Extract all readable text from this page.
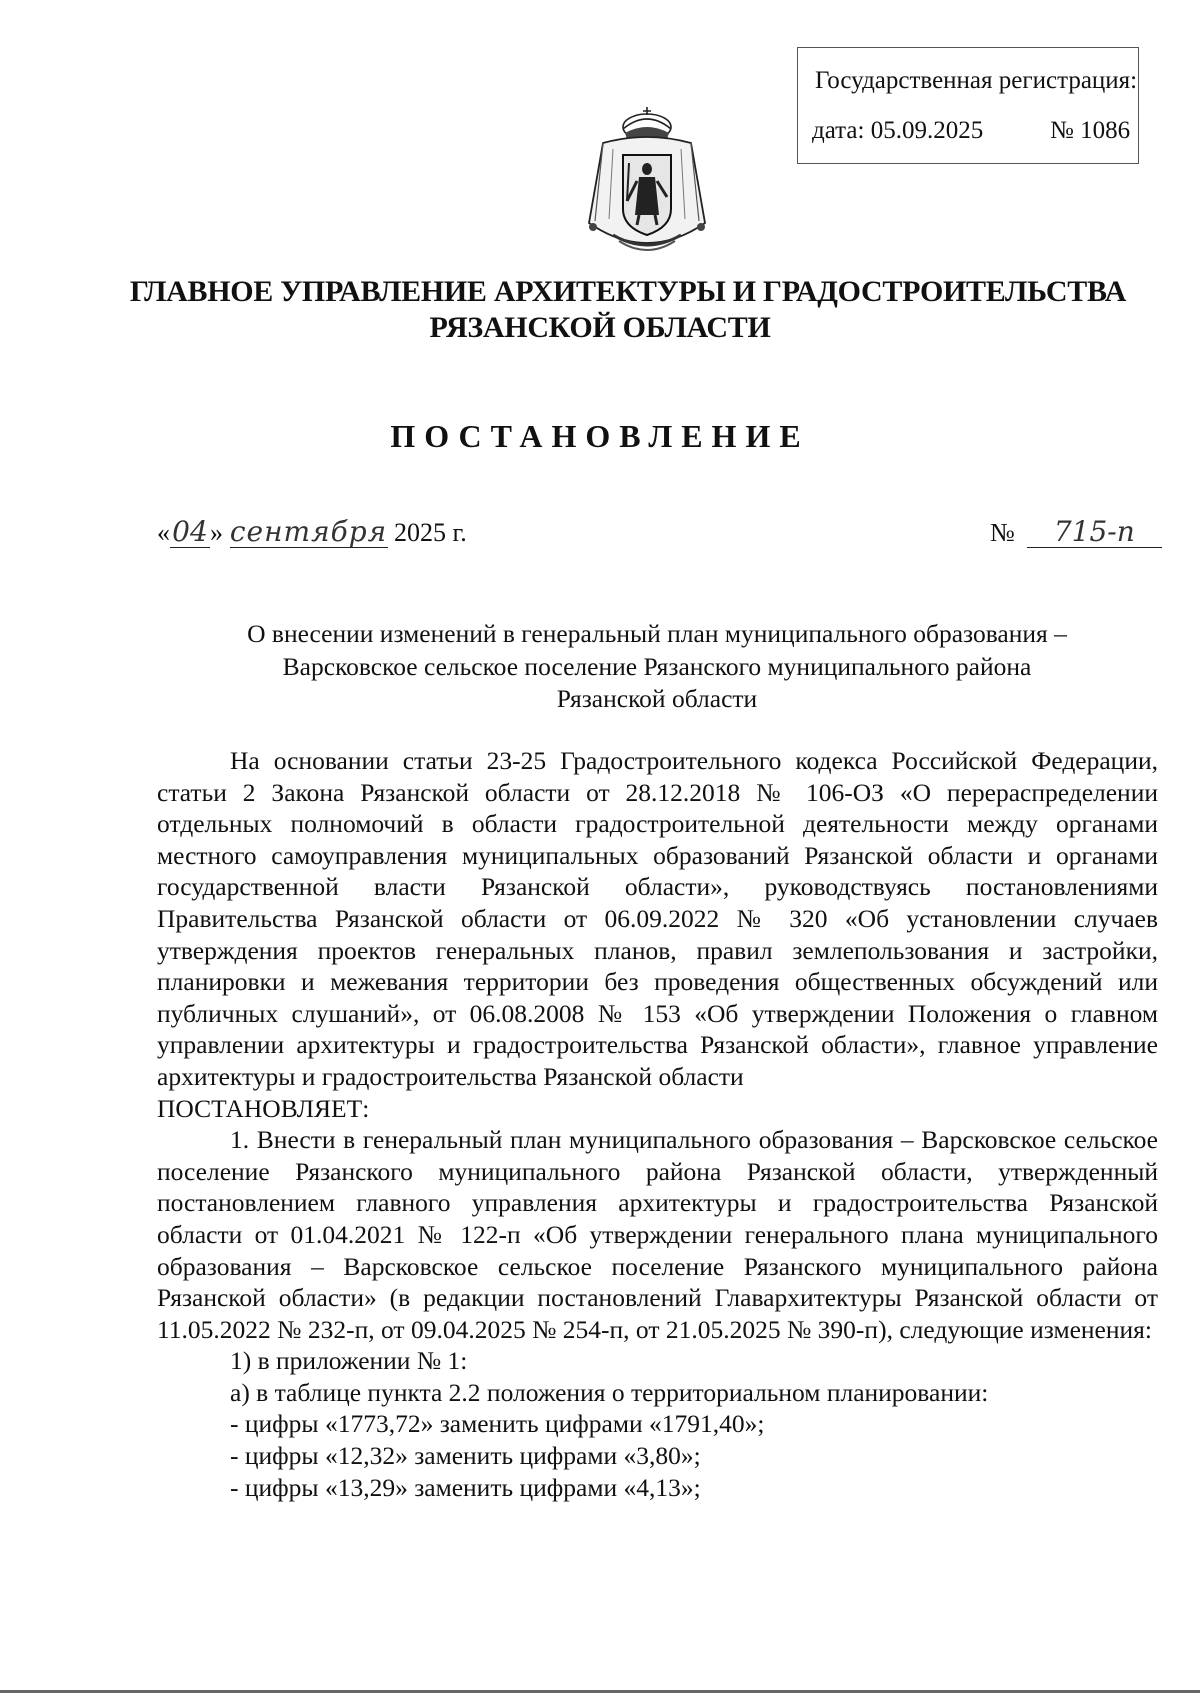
Государственная регистрация:
дата: 05.09.2025	№ 1086
ГЛАВНОЕ УПРАВЛЕНИЕ АРХИТЕКТУРЫ И ГРАДОСТРОИТЕЛЬСТВА
РЯЗАНСКОЙ ОБЛАСТИ
ПОСТАНОВЛЕНИЕ
«04» сентября 2025 г.	№ 715-п
О внесении изменений в генеральный план муниципального образования –
Варсковское сельское поселение Рязанского муниципального района
Рязанской области

На основании статьи 23-25 Градостроительного кодекса Российской Федерации, статьи 2 Закона Рязанской области от 28.12.2018 № 106-ОЗ «О перераспределении отдельных полномочий в области градостроительной деятельности между органами местного самоуправления муниципальных образований Рязанской области и органами государственной власти Рязанской области», руководствуясь постановлениями Правительства Рязанской области от 06.09.2022 № 320 «Об установлении случаев утверждения проектов генеральных планов, правил землепользования и застройки, планировки и межевания территории без проведения общественных обсуждений или публичных слушаний», от 06.08.2008 № 153 «Об утверждении Положения о главном управлении архитектуры и градостроительства Рязанской области», главное управление архитектуры и градостроительства Рязанской области

ПОСТАНОВЛЯЕТ:

1. Внести в генеральный план муниципального образования – Варсковское сельское поселение Рязанского муниципального района Рязанской области, утвержденный постановлением главного управления архитектуры и градостроительства Рязанской области от 01.04.2021 № 122-п «Об утверждении генерального плана муниципального образования – Варсковское сельское поселение Рязанского муниципального района Рязанской области» (в редакции постановлений Главархитектуры Рязанской области от 11.05.2022 № 232-п, от 09.04.2025 № 254-п, от 21.05.2025 № 390-п), следующие изменения:

1) в приложении № 1:

а) в таблице пункта 2.2 положения о территориальном планировании:

- цифры «1773,72» заменить цифрами «1791,40»;

- цифры «12,32» заменить цифрами «3,80»;

- цифры «13,29» заменить цифрами «4,13»;
